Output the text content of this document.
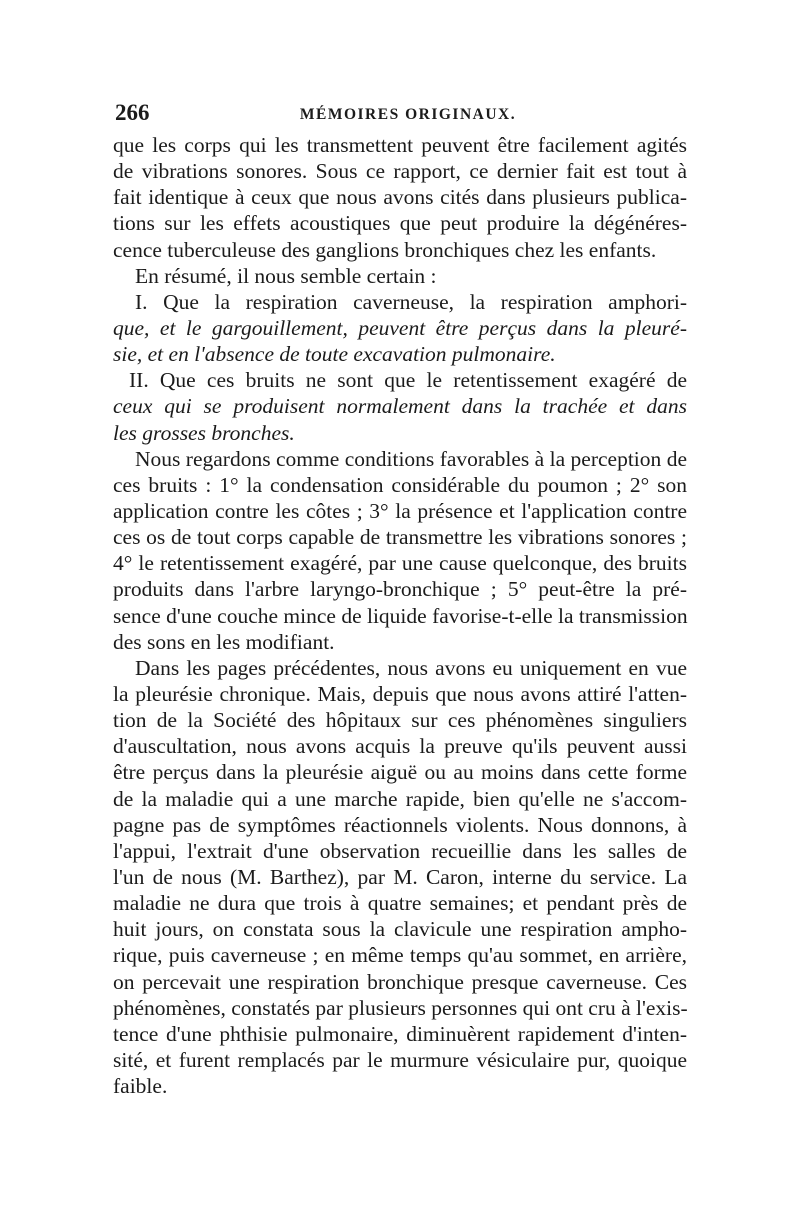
266	MÉMOIRES ORIGINAUX.
que les corps qui les transmettent peuvent être facilement agités
de vibrations sonores. Sous ce rapport, ce dernier fait est tout à
fait identique à ceux que nous avons cités dans plusieurs publica-
tions sur les effets acoustiques que peut produire la dégénéres-
cence tuberculeuse des ganglions bronchiques chez les enfants.
En résumé, il nous semble certain :
I. Que la respiration caverneuse, la respiration amphori-
que, et le gargouillement, peuvent être perçus dans la pleuré-
sie, et en l'absence de toute excavation pulmonaire.
II. Que ces bruits ne sont que le retentissement exagéré de
ceux qui se produisent normalement dans la trachée et dans
les grosses bronches.
Nous regardons comme conditions favorables à la perception de
ces bruits : 1° la condensation considérable du poumon ; 2° son
application contre les côtes ; 3° la présence et l'application contre
ces os de tout corps capable de transmettre les vibrations sonores ;
4° le retentissement exagéré, par une cause quelconque, des bruits
produits dans l'arbre laryngo-bronchique ; 5° peut-être la pré-
sence d'une couche mince de liquide favorise-t-elle la transmission
des sons en les modifiant.
Dans les pages précédentes, nous avons eu uniquement en vue
la pleurésie chronique. Mais, depuis que nous avons attiré l'atten-
tion de la Société des hôpitaux sur ces phénomènes singuliers
d'auscultation, nous avons acquis la preuve qu'ils peuvent aussi
être perçus dans la pleurésie aiguë ou au moins dans cette forme
de la maladie qui a une marche rapide, bien qu'elle ne s'accom-
pagne pas de symptômes réactionnels violents. Nous donnons, à
l'appui, l'extrait d'une observation recueillie dans les salles de
l'un de nous (M. Barthez), par M. Caron, interne du service. La
maladie ne dura que trois à quatre semaines; et pendant près de
huit jours, on constata sous la clavicule une respiration ampho-
rique, puis caverneuse ; en même temps qu'au sommet, en arrière,
on percevait une respiration bronchique presque caverneuse. Ces
phénomènes, constatés par plusieurs personnes qui ont cru à l'exis-
tence d'une phthisie pulmonaire, diminuèrent rapidement d'inten-
sité, et furent remplacés par le murmure vésiculaire pur, quoique
faible.
